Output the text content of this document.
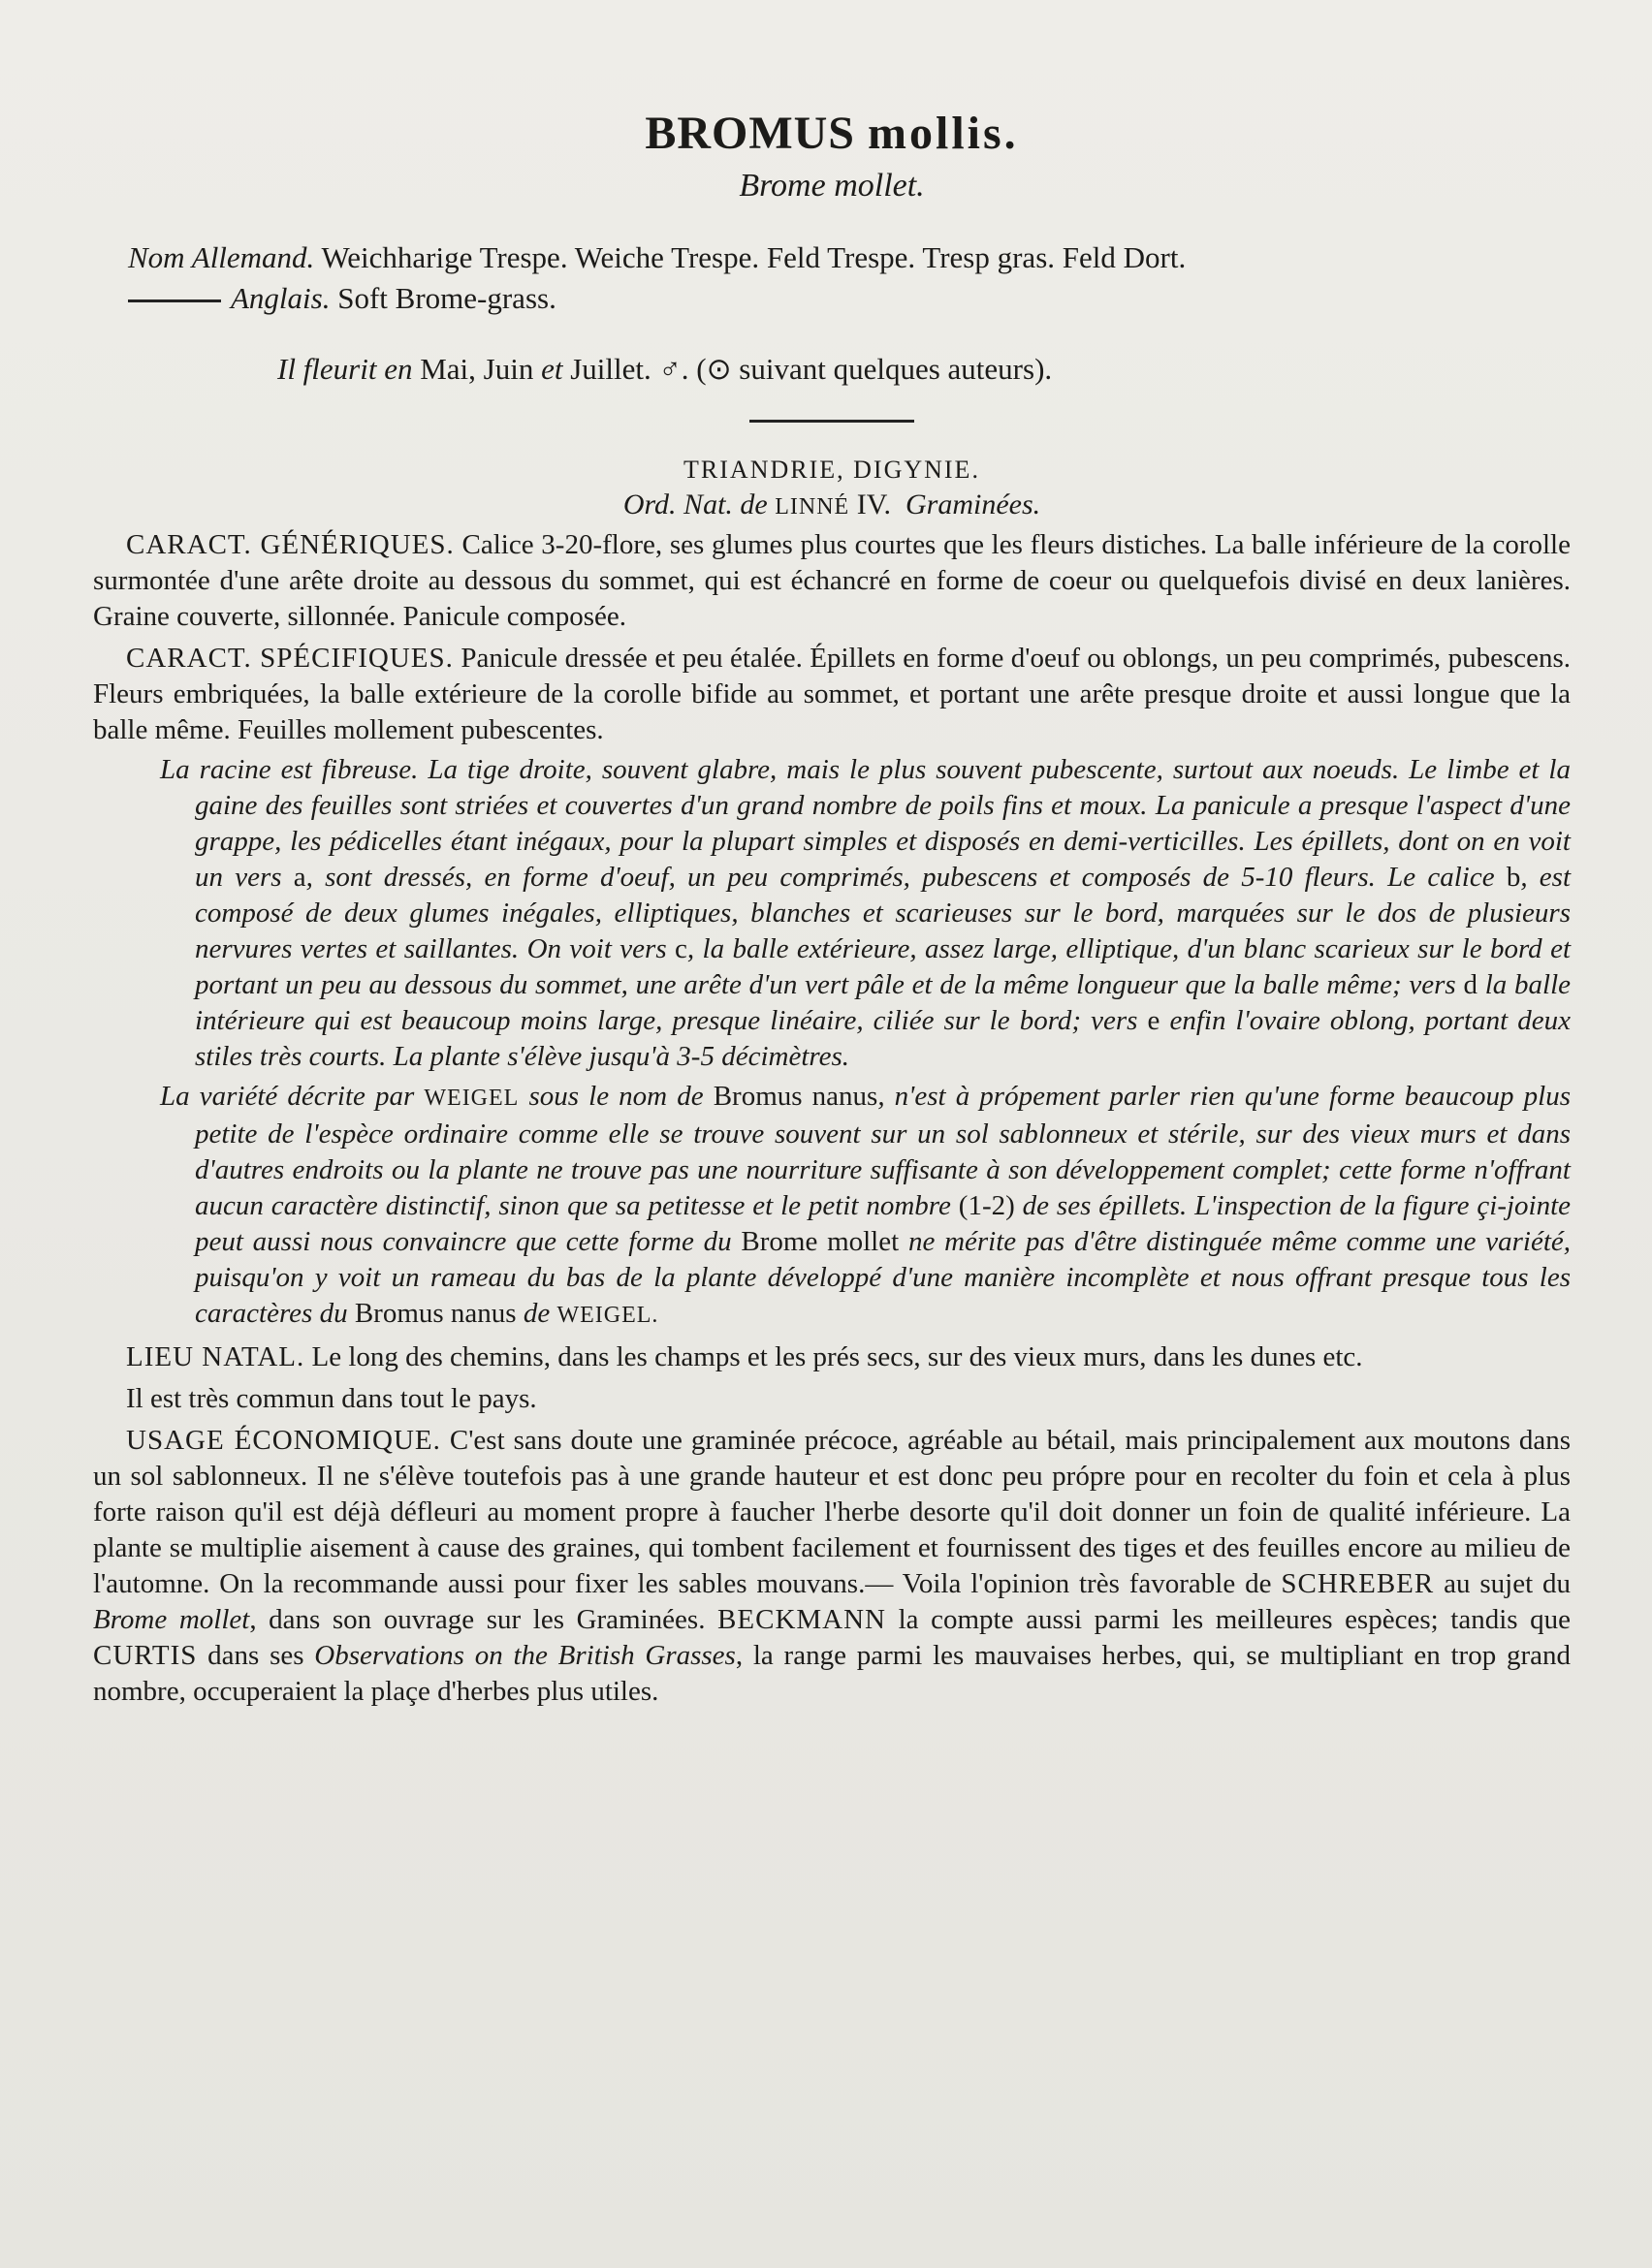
BROMUS mollis.
Brome mollet.
Nom Allemand. Weichharige Trespe. Weiche Trespe. Feld Trespe. Tresp gras. Feld Dort.
Anglais. Soft Brome-grass.
Il fleurit en Mai, Juin et Juillet. ♂. (⊙ suivant quelques auteurs).
TRIANDRIE, DIGYNIE.
Ord. Nat. de LINNÉ IV. Graminées.

CARACT. GÉNÉRIQUES. Calice 3-20-flore, ses glumes plus courtes que les fleurs distiches. La balle inférieure de la corolle surmontée d'une arête droite au dessous du sommet, qui est échancré en forme de coeur ou quelquefois divisé en deux lanières. Graine couverte, sillonnée. Panicule composée.

CARACT. SPÉCIFIQUES. Panicule dressée et peu étalée. Épillets en forme d'oeuf ou oblongs, un peu comprimés, pubescens. Fleurs embriquées, la balle extérieure de la corolle bifide au sommet, et portant une arête presque droite et aussi longue que la balle même. Feuilles mollement pubescentes.

La racine est fibreuse. La tige droite, souvent glabre, mais le plus souvent pubescente, surtout aux noeuds. Le limbe et la gaine des feuilles sont striées et couvertes d'un grand nombre de poils fins et moux. La panicule a presque l'aspect d'une grappe, les pédicelles étant inégaux, pour la plupart simples et disposés en demi-verticilles. Les épillets, dont on en voit un vers a, sont dressés, en forme d'oeuf, un peu comprimés, pubescens et composés de 5-10 fleurs. Le calice b, est composé de deux glumes inégales, elliptiques, blanches et scarieuses sur le bord, marquées sur le dos de plusieurs nervures vertes et saillantes. On voit vers c, la balle extérieure, assez large, elliptique, d'un blanc scarieux sur le bord et portant un peu au dessous du sommet, une arête d'un vert pâle et de la même longueur que la balle même; vers d la balle intérieure qui est beaucoup moins large, presque linéaire, ciliée sur le bord; vers e enfin l'ovaire oblong, portant deux stiles très courts. La plante s'élève jusqu'à 3-5 décimètres.

La variété décrite par WEIGEL sous le nom de Bromus nanus, n'est à própement parler rien qu'une forme beaucoup plus petite de l'espèce ordinaire comme elle se trouve souvent sur un sol sablonneux et stérile, sur des vieux murs et dans d'autres endroits ou la plante ne trouve pas une nourriture suffisante à son développement complet; cette forme n'offrant aucun caractère distinctif, sinon que sa petitesse et le petit nombre (1-2) de ses épillets. L'inspection de la figure çi-jointe peut aussi nous convaincre que cette forme du Brome mollet ne mérite pas d'être distinguée même comme une variété, puisqu'on y voit un rameau du bas de la plante développé d'une manière incomplète et nous offrant presque tous les caractères du Bromus nanus de WEIGEL.

LIEU NATAL. Le long des chemins, dans les champs et les prés secs, sur des vieux murs, dans les dunes etc.

Il est très commun dans tout le pays.

USAGE ÉCONOMIQUE. C'est sans doute une graminée précoce, agréable au bétail, mais principalement aux moutons dans un sol sablonneux. Il ne s'élève toutefois pas à une grande hauteur et est donc peu própre pour en recolter du foin et cela à plus forte raison qu'il est déjà défleuri au moment propre à faucher l'herbe desorte qu'il doit donner un foin de qualité inférieure. La plante se multiplie aisement à cause des graines, qui tombent facilement et fournissent des tiges et des feuilles encore au milieu de l'automne. On la recommande aussi pour fixer les sables mouvans.— Voila l'opinion très favorable de SCHREBER au sujet du Brome mollet, dans son ouvrage sur les Graminées. BECKMANN la compte aussi parmi les meilleures espèces; tandis que CURTIS dans ses Observations on the British Grasses, la range parmi les mauvaises herbes, qui, se multipliant en trop grand nombre, occuperaient la plaçe d'herbes plus utiles.
